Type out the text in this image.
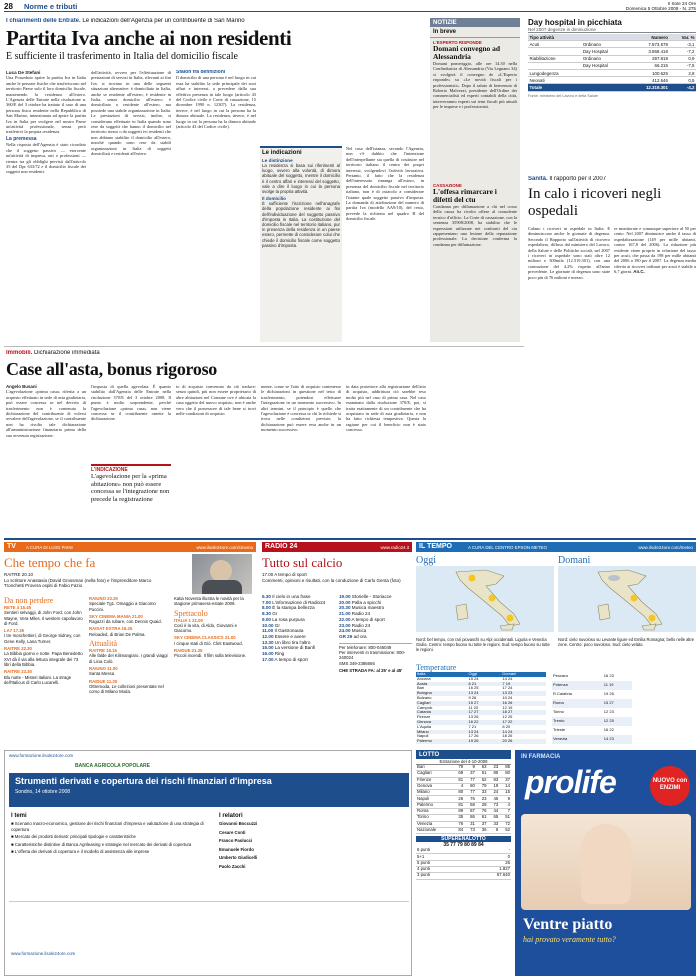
28 Norme e tributi	Il Sole 24 Ore
Domenica 5 Ottobre 2008 - N. 275
I chiarimenti delle Entrate. Le indicazioni dell'Agenzia per un contribuente di San Marino
Partita Iva anche ai non residenti
È sufficiente il trasferimento in Italia del domicilio fiscale
Luca De Stefani
Una Posseduto aprire la partita Iva in Italia anche le persone fisiche che trasferiscono nel territorio Paese solo il loro domicilio fiscale, mantenendo la residenza all'estero. L'Agenzia delle Entrate nella risoluzione n. 360/E del 3 ottobre ha trattato il caso di una persona fisica residente nella Repubblica di San Marino, intenzionata ad aprire la partita Iva in Italia per svolgere nel nostro Paese un'attività professionale, senza però trasferirvi la propria residenza.
La premessa
Nella risposta dell'Agenzia è stato ricordato che il soggetto passivo — esercente un'attività di impresa, arti o professioni — rientra tra gli obblighi previsti dall'articolo 35 del Dpr 633/72 e il domicilio fiscale dei soggetti non residenti.
dell'attività, ovvero per l'effettuazione di prestazioni di servizi in Italia, rilevanti ai fini Iva, si trovano in una delle seguenti situazioni alternative: è domiciliato in Italia, anche se residente all'estero; è residente in Italia, senza domicilio all'estero; è domiciliato o residente all'estero, ma possiede una stabile organizzazione in Italia. Le prestazioni di servizi, inoltre, si considerano effettuate in Italia quando sono rese da soggetti che hanno il domicilio nel territorio stesso o da soggetti ivi residenti che non abbiano stabilito il domicilio all'estero, nonché quando sono rese da stabili organizzazioni in Italia di soggetti domiciliati e residenti all'estero.
Sfalon fra definizioni
Il domicilio di una persona è nel luogo in cui essa ha stabilito la sede principale dei suoi affari e interessi, a precedere dalla sua effettiva presenza in tale luogo (articolo 43 del Codice civile e Corte di cassazione, 15 dicembre 1990 n. 12307). La residenza, invece, è nel luogo in cui la persona ha la dimora abituale. La residenza, invece, è nel luogo in cui la persona ha la dimora abituale (articolo 43 del Codice civile).
Le indicazioni
Le distinzione
La residenza si basa sui riferimenti al luogo, ovvero alla volontà, di dimora abituale del soggetto, mentre il domicilio è il centro affari e interessi del soggetto, vale a dire il luogo in cui la persona svolge la propria attività.
Il domicilio
È sufficiente l'iscrizione nell'anagrafe della popolazione residente ai fini dell'individuazione del soggetto passivo d'imposta in Italia. La costituzione del domicilio fiscale nel territorio italiano, pur in presenza della residenza in un paese estero, permette di considerare colui che chiede il domicilio fiscale come soggetto passivo d'imposta.
Nel caso dell'istanza, secondo l'Agenzia, non v'è dubbio che l'intenzione dell'interpellante sia quella di costituire nel territorio italiano il centro dei propri interessi, svolgendovi l'attività lavorativa. Pertanto, il fatto che la residenza dell'interessato rimanga all'estero, in presenza del domicilio fiscale nel territorio italiano, non è di ostacolo a considerare l'istante quale soggetto passivo d'imposta. La domanda di attribuzione del numero di partita Iva (modello AA9/10), del resto, prevede la richiesta nel quadro B del domicilio fiscale.
NOTIZIE
In breve
L'ESPERTO RISPONDE
Domani convegno ad Alessandria
Domani pomeriggio, alle ore 14.30 nella Confindustria di Alessandria (Via Legnano 34) si svolgerà il convegno de «L'Esperto risponde» su «Le novità fiscali per i professionisti». Dopo il saluto di benvenuto di Roberto Malvezzi, presidente dell'Ordine dei commercialisti ed esperti contabili della città, interverranno esperti sui temi fiscali più attuali per le imprese e i professionisti.
CASSAZIONE
L'offesa rimarcare i difetti del ctu
Condanna per diffamazione a chi nel corso della causa ha rivolto offese al consulente tecnico d'ufficio. La Corte di cassazione, con la sentenza 35908/2008, ha stabilito che le espressioni utilizzate nei confronti del ctu rappresentano una lesione della reputazione professionale. La decisione conferma la condanna per diffamazione.
Day hospital in picchiata
Nel 2007 degenze in diminuzione
Tipo attività		Numero	Var. %
Acuti	Ordinario	7.873.578	-3,1
	Day Hospital	3.868.418	-7,2
Riabilitazione	Ordinario	297.819	0,9
	Day Hospital	66.215	-7,5
Lungodegenza		100.625	2,8
Neonati		412.646	0,5
Totale		12.319.301	-4,2
Fonte: ministero del Lavoro e della Salute
Sanità. Il rapporto per il 2007
In calo i ricoveri negli ospedali
Calano i ricoveri in ospedale in Italia. E diminuiscono anche le giornate di degenza. Secondo il Rapporto sull'attività di ricovero ospedaliero, diffuso dal ministero del Lavoro, della Salute e delle Politiche sociali, nel 2007 i ricoveri in ospedale sono stati oltre 12 milioni e 300mila (12.319.301), con una contrazione del 4,2% rispetto all'anno precedente. Le giornate di degenza sono state poco più di 76 milioni e mezzo.
re monitorate e comunque superiore al 50 per cento. Nel 2007 diminuisce anche il tasso di ospedalizzazione (149 per mille abitanti, contro 167,8 del 2006). La riduzione più evidente viene proprio in relazione del tasso per acuti, che passa da 198 per mille abitanti del 2006 a 190 per il 2007. La degenza media riferita ai ricoveri ordinari per acuti è stabile a 6,7 giorni. An.C.
Immobili. Dichiarazione immediata
Case all'asta, bonus rigoroso
Angelo Busani
L'agevolazione «prima casa» riferita a un acquisto effettuato in sede di asta giudiziaria, può essere concessa se nel decreto di trasferimento non è contenuta la dichiarazione del contribuente di volersi avvalere dell'agevolazione, se il contribuente non ha rivolto tale dichiarazione all'amministrazione finanziaria prima della sua avvenuta registrazione.
l'imposta di quella agevolata. È quanto stabilito dall'Agenzia delle Entrate nella risoluzione 370/E del 3 ottobre 2008. Il punto è molto sorprendente, perché l'agevolazione «prima casa» non viene concessa se il contribuente omette la dichiarazione.
L'INDICAZIONE
L'agevolazione per la «prima abitazione» non può essere concessa se l'integrazione non precede la registrazione
to di acquisto convenuto da ciò traduce: senza quindi, più non essere proprietario di altre abitazioni nel Comune ove è ubicata la casa oggetto del nuovo acquisto, non è anche vero che il possessore di tale bene si trovi nelle condizioni di acquisto.
mente, come se l'atto di acquisto contenesse le dichiarazioni in questione nel testo di trasferimento, potendosi effettuare l'integrazione in un momento successivo. In altri termini, se il principio è quello che l'agevolazione è concessa se chi la richiede si trova nelle condizioni previste, la dichiarazione può essere resa anche in un momento successivo.
in data posteriore alla registrazione dell'atto di acquisto, addirittura ciò sarebbe reso molto più nel caso di prima casa. Nel caso esaminato dalla risoluzione 370/E, poi, si tratta esattamente di un contribuente che ha acquistato in sede di asta giudiziaria, e non ha fatto richiesta tempestiva. Questa la ragione per cui il beneficio non è stato concesso.
TV A CURA DI LUIGI PAINI	www.ilsole24ore.com/cinema
Che tempo che fa
RAITRE 20.10
Lo scrittore Anastasia (David Grossman (nella foto) e l'imprenditore Marco Tronchetti Provera ospiti di Fabio Fazio
Da non perdere
RETE 4 15.45
Sentieri selvaggi, di John Ford, con John Wayne, Vera Miles. Il western capolavoro di Ford.
LA7 17.35
I tre moschettieri, di George Sidney, con Gene Kelly, Lana Turner.
RAITRE 22.30
La Bibbia giorno e notte. Papa Benedetto XVI dà il via alla lettura integrale dei 73 libri della Bibbia.
RAITRE 23.30
Blu notte - Misteri italiani. La strage dell'Italicus di Carlo Lucarelli.
RAIUNO 23.30
Speciale Tg1. Omaggio a Giacomo Puccini.
SKY CINEMA MANIA 21.00
Ragazzi da rubare, con Dennis Quaid.
RAISAT EXTRA 16.25
Reloaded, di Brian De Palma.
Attualità
RAITRE 15.15
Alle falde del Kilimangiaro. I grandi viaggi di Licia Colò.
RAIUNO 11.00
Santa Messa
RAIDUE 11.30
Ottremoda. Le collezioni presentate nel corso di Milano Moda.
Katia Noventa illustra le novità per la stagione primavera-estate 2009.
Spettacolo
ITALIA 1 21.00
Così è la vita, di Aldo, Giovanni e Giacomo.
SKY CINEMA CLASSICS 21.00
I cinque stati di Giò. Clint Eastwood.
RAIDUE 21.35
Piccoli incendi. Il film sulla televisione.
RADIO 24	www.radio24.it
Tutto sul calcio
17.00 A tempo di sport
Commenti, opinioni e risultati, con la conduzione di Carlo Genta (foto)
6.30 Il cielo in una frase
7.00 L'informazione di Radio24
8.00 È la stampa bellezza
8.30 Gr
9.00 La rosa purpura
10.00 Gr
11.00 Il Gastronauta
12.00 Essere e avere
13.30 Un libro tira l'altro
15.00 La versione di Banfi
16.00 Ring
17.00 A tempo di sport
19.00 Storielle - Storiacce
20.00 Palla a spicchi
20.30 Musica maestro
21.00 Radio 24
22.00 A tempo di sport
23.00 Radio 24
24.00 Musica
GR 26 ad ora
Per telefonare: 800-046049
Per interventi in trasmissione: 800-240024
SMS 349-2386666
CHE STRADA FA: al 25' e al 45'
IL TEMPO	A CURA DEL CENTRO EPSON METEO	www.ilsole24ore.com/meteo
Oggi	Domani
Nord: bel tempo, con rari piovaschi su Alpi occidentali. Liguria e Venezia Giulia. Centro: tempo buono su tutte le regioni. Sud: tempo buono su tutte le regioni.
Nord: cielo nuvoloso su Levante ligure ed Emilia Romagna; bello nelle altre zone. Centro: poco nuvoloso. Sud: cielo velato.
Temperature
Italia	Oggi	Domani
Ancona	15 24	14 24
Aosta	6 21	7 19
Bari	16 25	17 24
Bologna	13 24	13 23
Bolzano	9 26	10 24
Cagliari	15 27	16 26
Campob.	11 20	12 19
Catania	17 27	18 27
Firenze	13 26	12 25
Genova	16 22	17 22
L'Aquila	7 21	8 20
Milano	13 24	14 24
Napoli	17 26	18 26
Palermo	19 26	20 26
Pescara	16 23
Potenza	11 19
R.Calabria	19 26
Roma	15 27
Torino	12 23
Trento	12 25
Trieste	16 22
Venezia	14 23
LOTTO
Estrazione del 4-10-2008
Bari	79	9	63	23	85
Cagliari	69	37	61	85	80
Firenze	81	77	62	83	37
Genova	4	80	79	19	14
Milano	80	77	33	24	15
Napoli	26	76	23	45	9
Palermo	81	58	28	73	4
Roma	89	87	76	44	7
Torino	35	86	61	65	51
Venezia	76	31	37	33	72
Nazionale	84	73	36	6	52
SUPERENALOTTO
35 77 79 80 89 84
6 punti	-
5+1	0
5 punti	26
4 punti	1.827
3 punti	67.640
IN FARMACIA
prolife	NUOVO con ENZIMI
Ventre piatto
hai provato veramente tutto?
www.formazione.ilsole24ore.com
BANCA AGRICOLA POPOLARE
Strumenti derivati e copertura dei rischi finanziari d'impresa
Sondrio, 14 ottobre 2008
I temi
■ Scenario macro-economico, gestione dei rischi finanziari d'impresa e valutazione di una strategia di copertura
■ Mercato dei prodotti derivati: principali tipologie e caratteristiche
■ Caratteristiche distintive di Banca Agrileasing e strategie nel mercato dei derivati di copertura
■ L'offerta dei derivati di copertura e il modello di assistenza alle imprese
I relatori
Giovanni Boccuzzi
Cesare Conti
Franco Paolucci
Emanuele Fiordo
Umberto Giudicelli
Paolo Zacchi
www.formazione.ilsole24ore.com
